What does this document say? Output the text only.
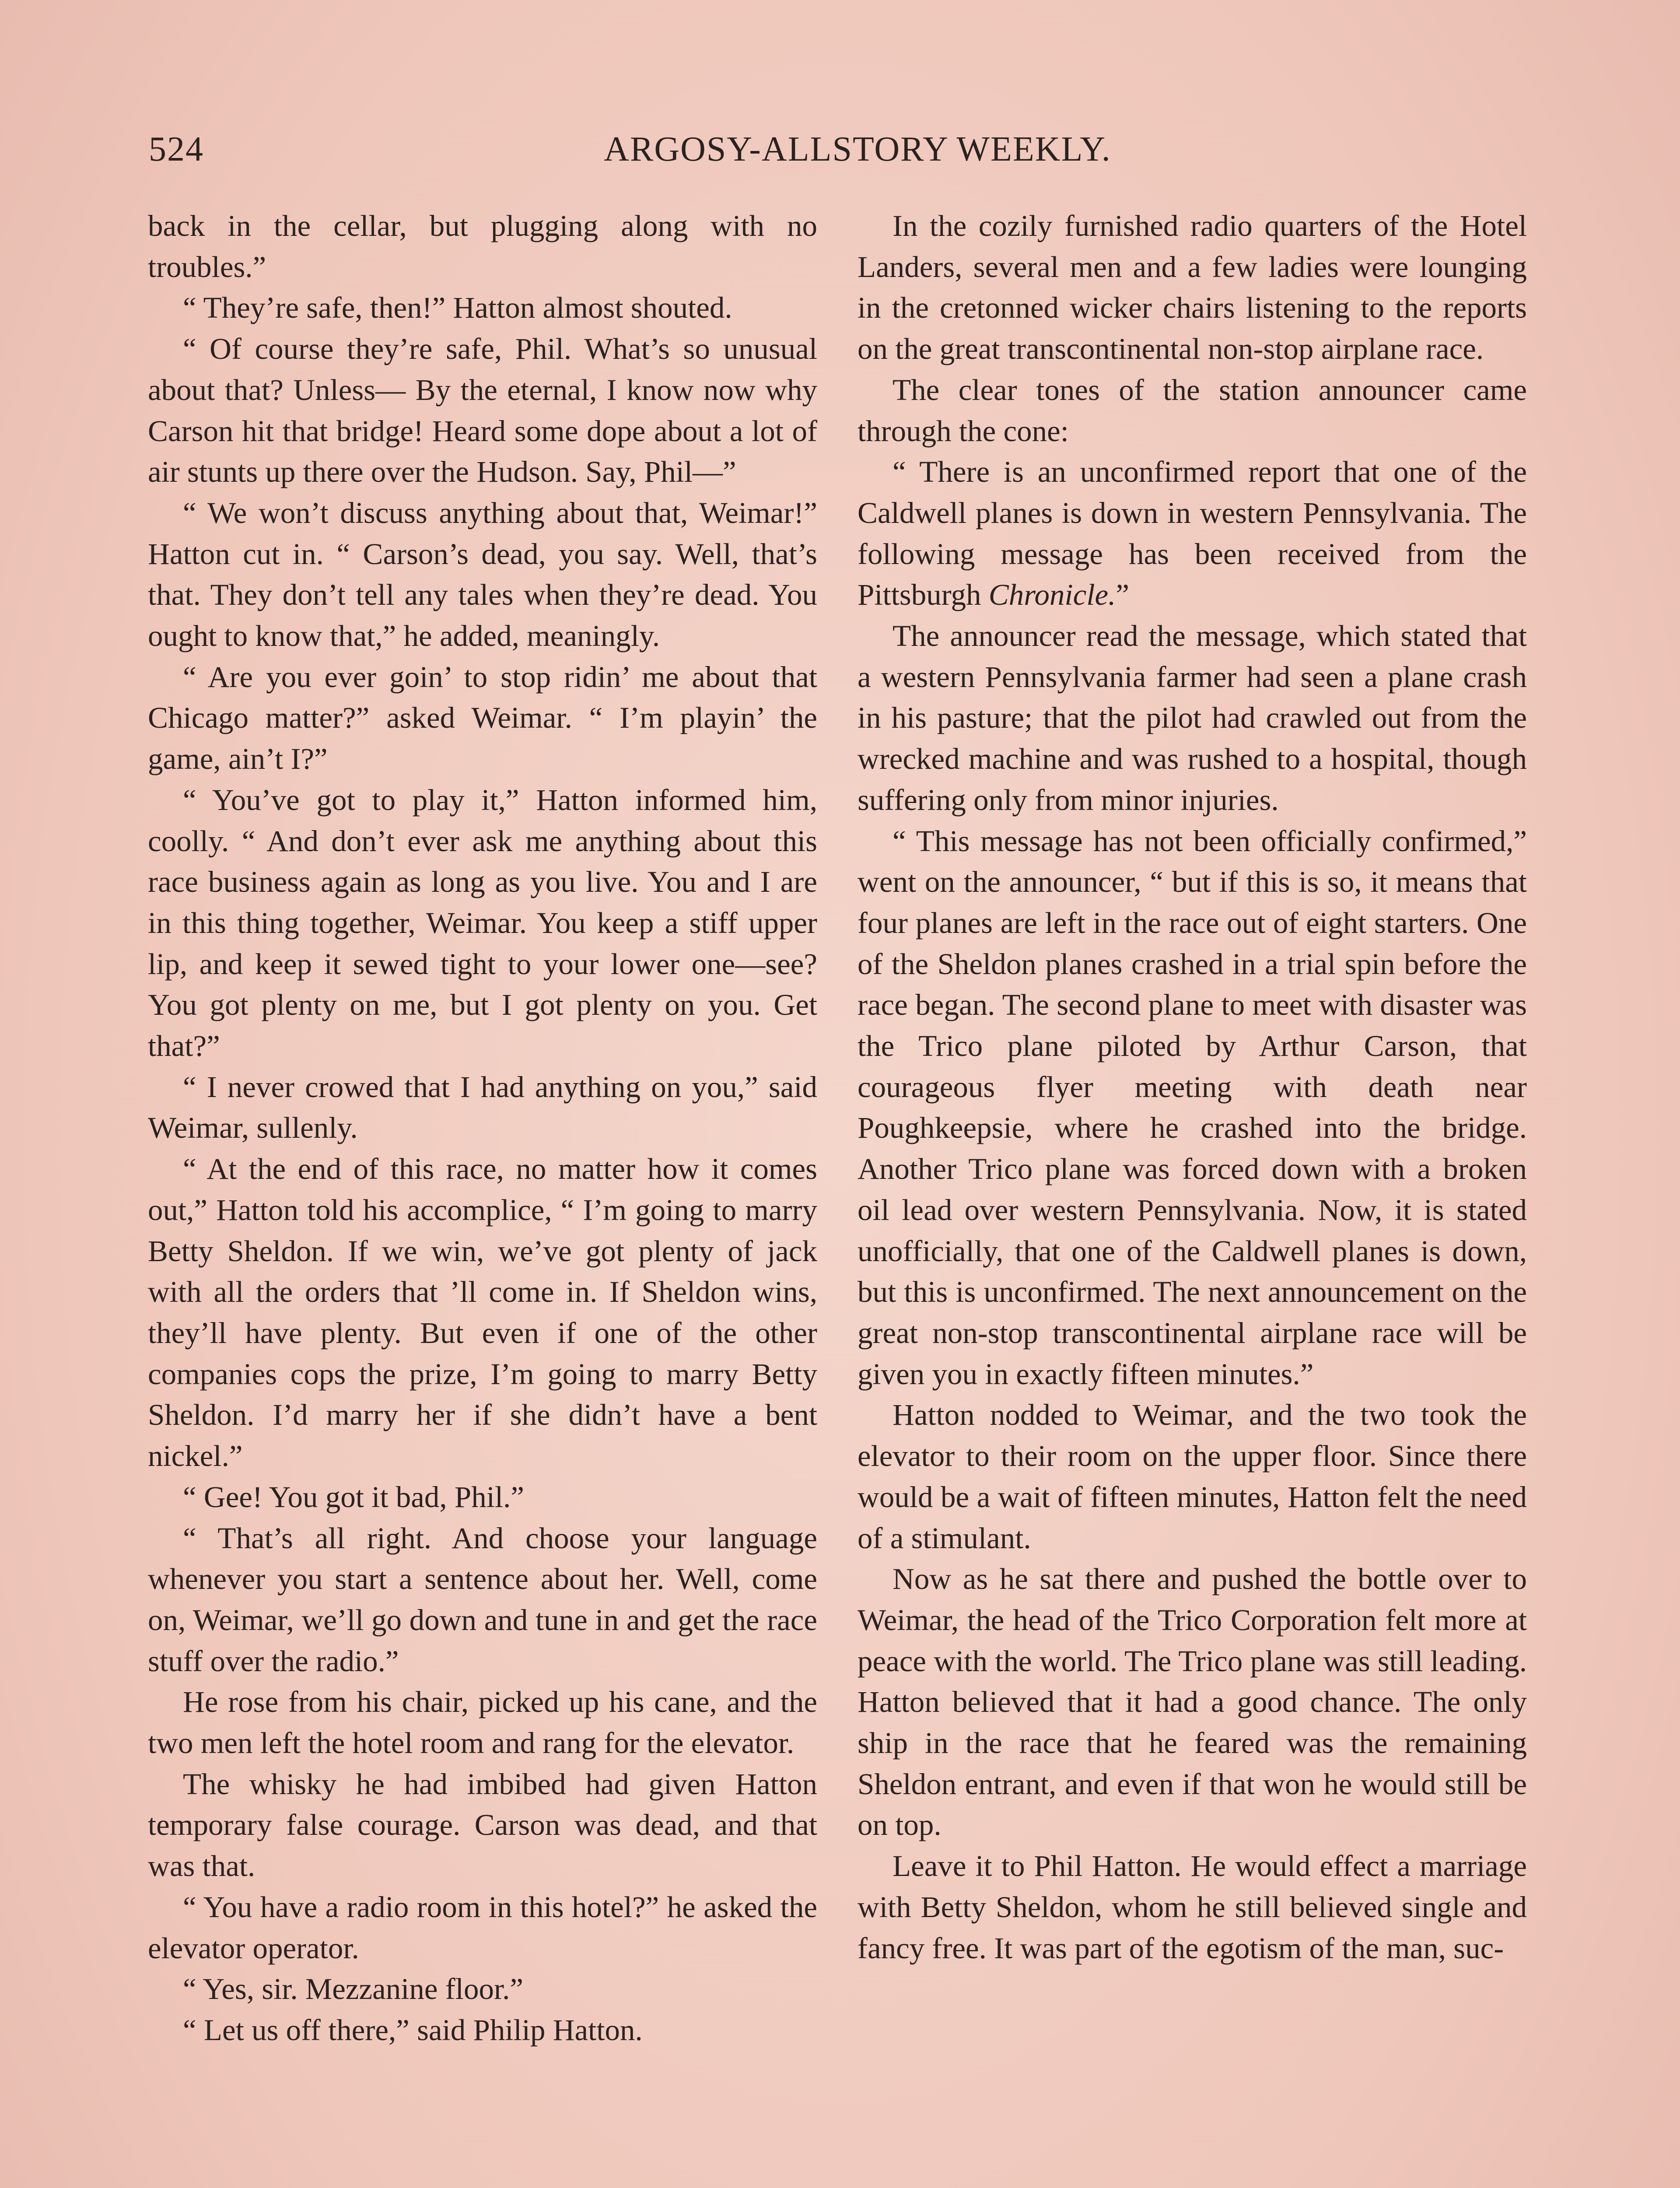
524	ARGOSY-ALLSTORY WEEKLY.

back in the cellar, but plugging along with no troubles.”

“ They’re safe, then!” Hatton almost shouted.

“ Of course they’re safe, Phil. What’s so unusual about that? Unless— By the eternal, I know now why Carson hit that bridge! Heard some dope about a lot of air stunts up there over the Hudson. Say, Phil—”

“ We won’t discuss anything about that, Weimar!” Hatton cut in. “ Carson’s dead, you say. Well, that’s that. They don’t tell any tales when they’re dead. You ought to know that,” he added, meaningly.

“ Are you ever goin’ to stop ridin’ me about that Chicago matter?” asked Weimar. “ I’m playin’ the game, ain’t I?”

“ You’ve got to play it,” Hatton informed him, coolly. “ And don’t ever ask me anything about this race business again as long as you live. You and I are in this thing together, Weimar. You keep a stiff upper lip, and keep it sewed tight to your lower one—see? You got plenty on me, but I got plenty on you. Get that?”

“ I never crowed that I had anything on you,” said Weimar, sullenly.

“ At the end of this race, no matter how it comes out,” Hatton told his accomplice, “ I’m going to marry Betty Sheldon. If we win, we’ve got plenty of jack with all the orders that ’ll come in. If Sheldon wins, they’ll have plenty. But even if one of the other companies cops the prize, I’m going to marry Betty Sheldon. I’d marry her if she didn’t have a bent nickel.”

“ Gee! You got it bad, Phil.”

“ That’s all right. And choose your language whenever you start a sentence about her. Well, come on, Weimar, we’ll go down and tune in and get the race stuff over the radio.”

He rose from his chair, picked up his cane, and the two men left the hotel room and rang for the elevator.

The whisky he had imbibed had given Hatton temporary false courage. Carson was dead, and that was that.

“ You have a radio room in this hotel?” he asked the elevator operator.

“ Yes, sir. Mezzanine floor.”

“ Let us off there,” said Philip Hatton.

In the cozily furnished radio quarters of the Hotel Landers, several men and a few ladies were lounging in the cretonned wicker chairs listening to the reports on the great transcontinental non-stop airplane race.

The clear tones of the station announcer came through the cone:

“ There is an unconfirmed report that one of the Caldwell planes is down in western Pennsylvania. The following message has been received from the Pittsburgh Chronicle.”

The announcer read the message, which stated that a western Pennsylvania farmer had seen a plane crash in his pasture; that the pilot had crawled out from the wrecked machine and was rushed to a hospital, though suffering only from minor injuries.

“ This message has not been officially confirmed,” went on the announcer, “ but if this is so, it means that four planes are left in the race out of eight starters. One of the Sheldon planes crashed in a trial spin before the race began. The second plane to meet with disaster was the Trico plane piloted by Arthur Carson, that courageous flyer meeting with death near Poughkeepsie, where he crashed into the bridge. Another Trico plane was forced down with a broken oil lead over western Pennsylvania. Now, it is stated unofficially, that one of the Caldwell planes is down, but this is unconfirmed. The next announcement on the great non-stop transcontinental airplane race will be given you in exactly fifteen minutes.”

Hatton nodded to Weimar, and the two took the elevator to their room on the upper floor. Since there would be a wait of fifteen minutes, Hatton felt the need of a stimulant.

Now as he sat there and pushed the bottle over to Weimar, the head of the Trico Corporation felt more at peace with the world. The Trico plane was still leading. Hatton believed that it had a good chance. The only ship in the race that he feared was the remaining Sheldon entrant, and even if that won he would still be on top.

Leave it to Phil Hatton. He would effect a marriage with Betty Sheldon, whom he still believed single and fancy free. It was part of the egotism of the man, suc-
